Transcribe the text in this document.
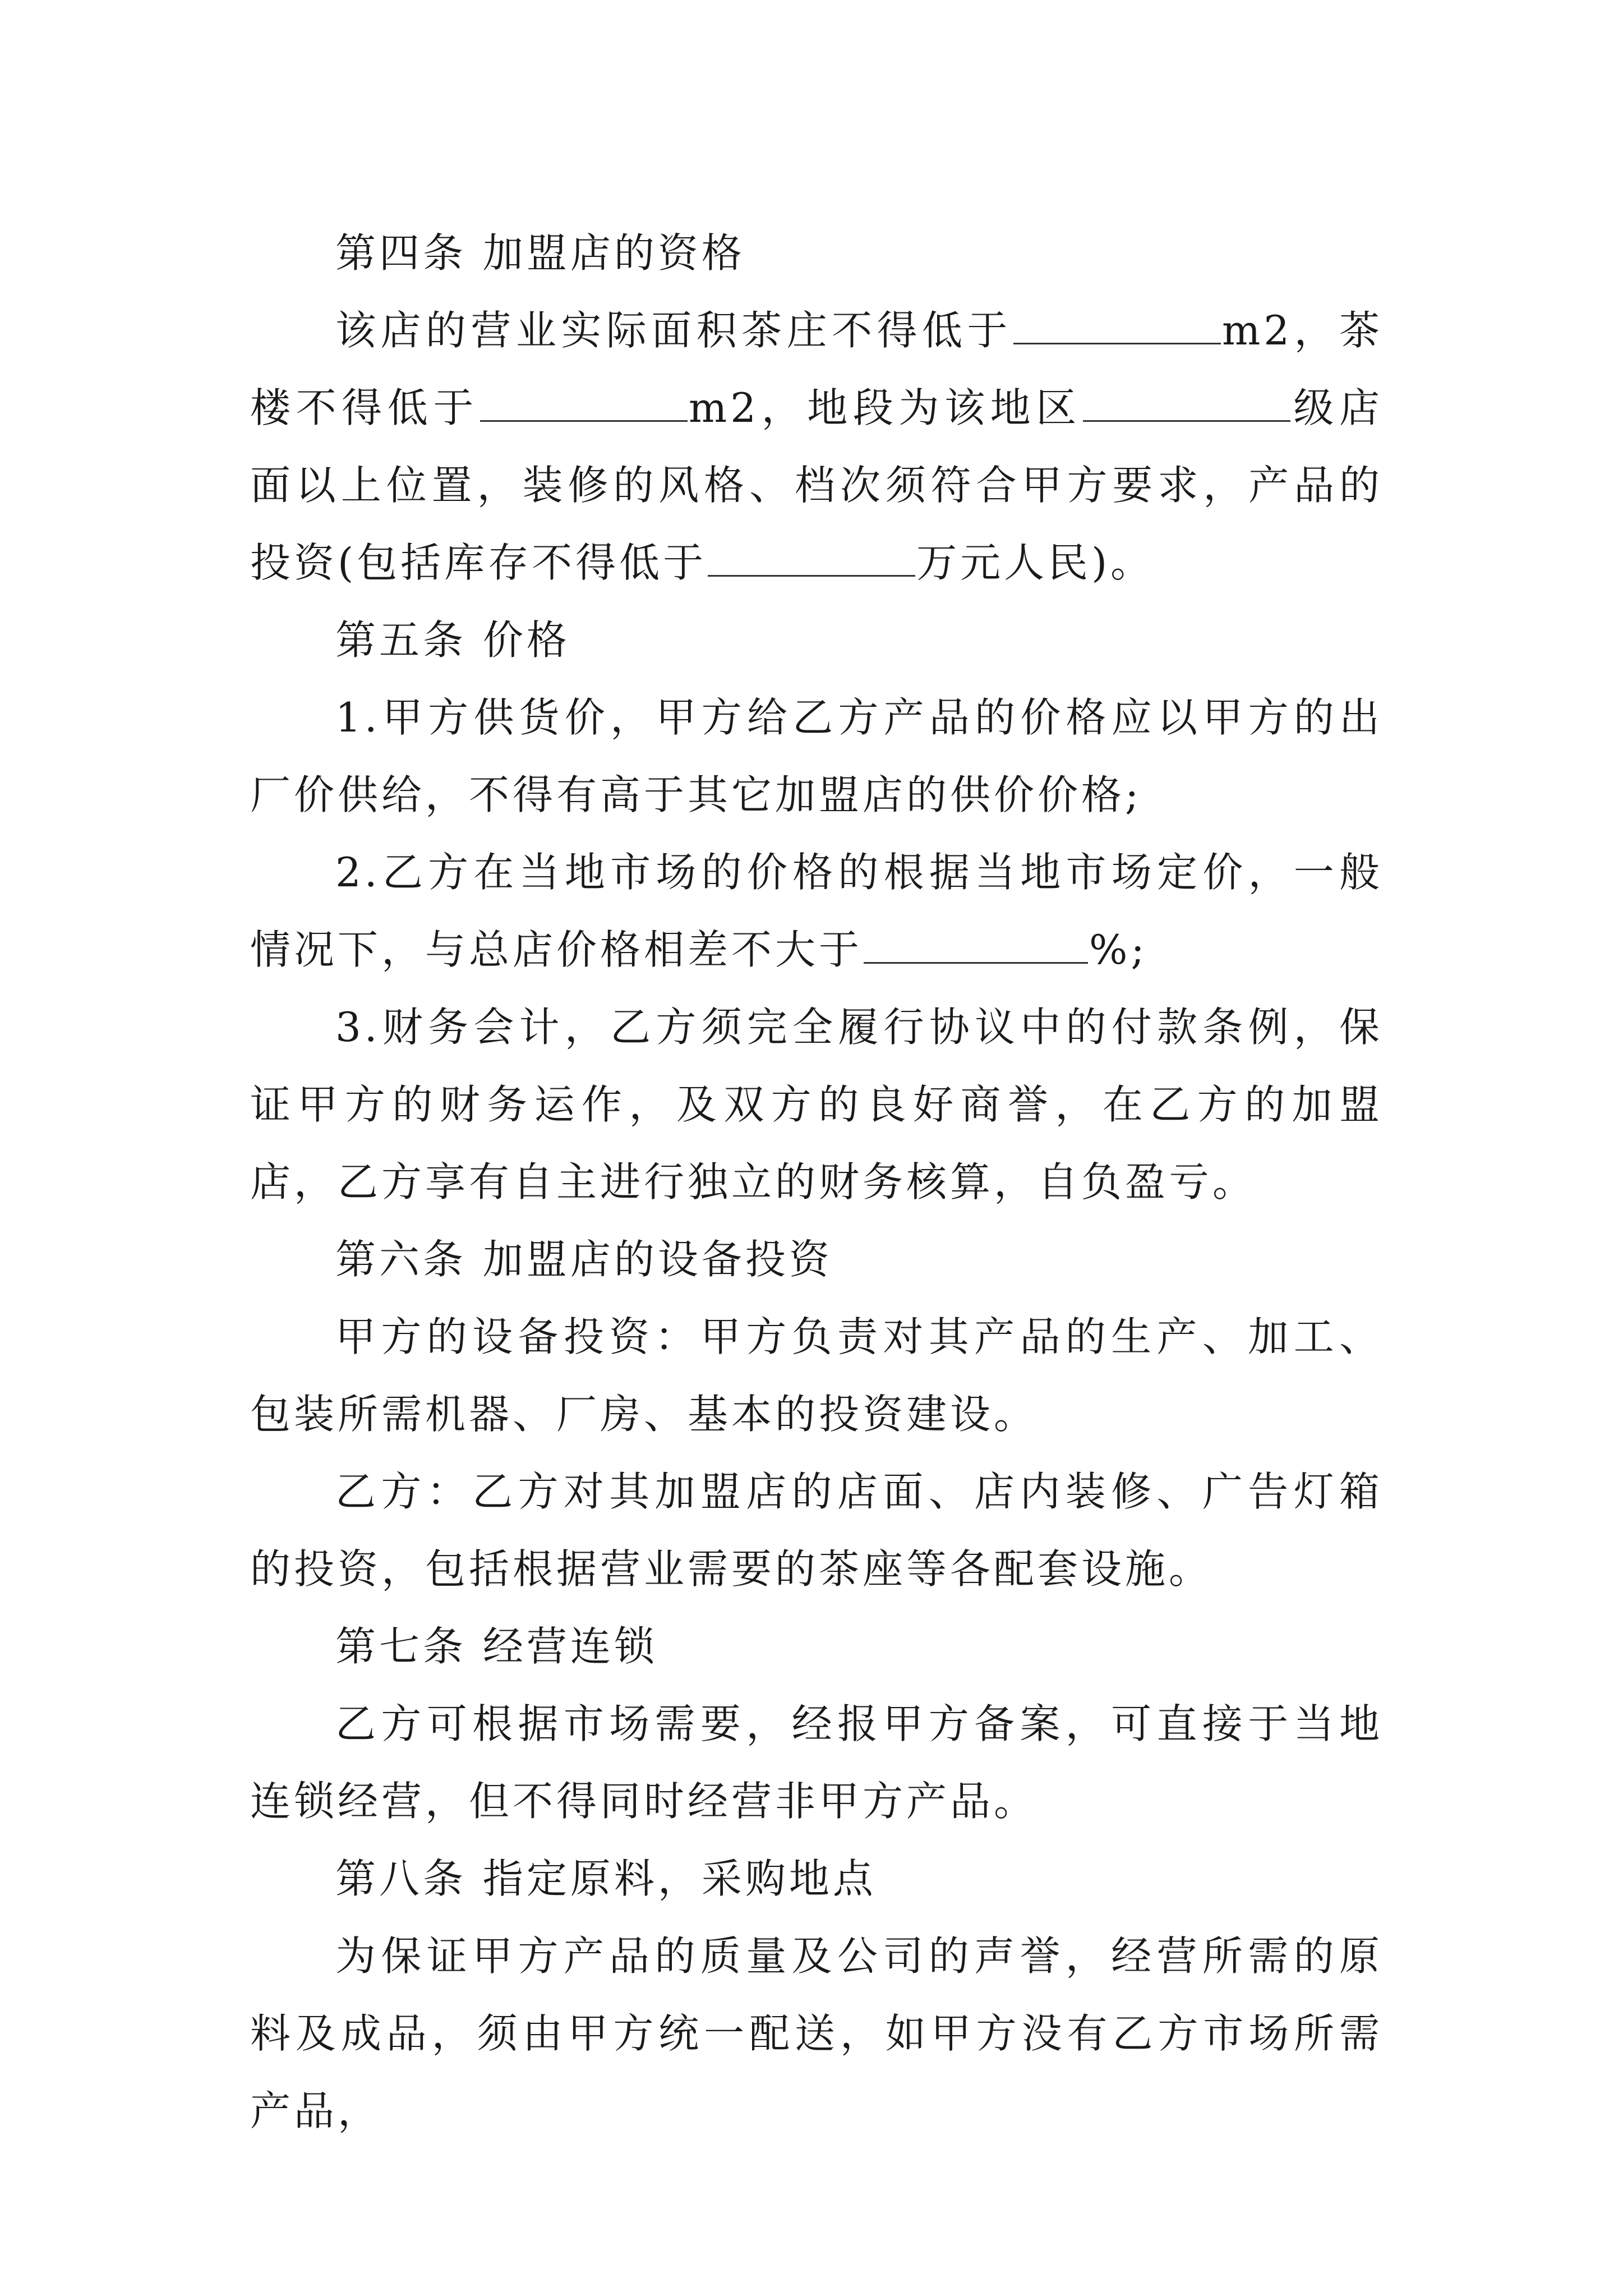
第四条 加盟店的资格

该店的营业实际面积茶庄不得低于	m2，茶楼不得低于	m2，地段为该地区	级店面以上位置，装修的风格、档次须符合甲方要求，产品的投资(包括库存不得低于	万元人民)。

第五条 价格

1.甲方供货价，甲方给乙方产品的价格应以甲方的出厂价供给，不得有高于其它加盟店的供价价格;

2.乙方在当地市场的价格的根据当地市场定价，一般情况下，与总店价格相差不大于	%;

3.财务会计，乙方须完全履行协议中的付款条例，保证甲方的财务运作，及双方的良好商誉，在乙方的加盟店，乙方享有自主进行独立的财务核算，自负盈亏。

第六条 加盟店的设备投资

甲方的设备投资：甲方负责对其产品的生产、加工、包装所需机器、厂房、基本的投资建设。

乙方：乙方对其加盟店的店面、店内装修、广告灯箱的投资，包括根据营业需要的茶座等各配套设施。

第七条 经营连锁

乙方可根据市场需要，经报甲方备案，可直接于当地连锁经营，但不得同时经营非甲方产品。

第八条 指定原料，采购地点

为保证甲方产品的质量及公司的声誉，经营所需的原料及成品，须由甲方统一配送，如甲方没有乙方市场所需产品，
